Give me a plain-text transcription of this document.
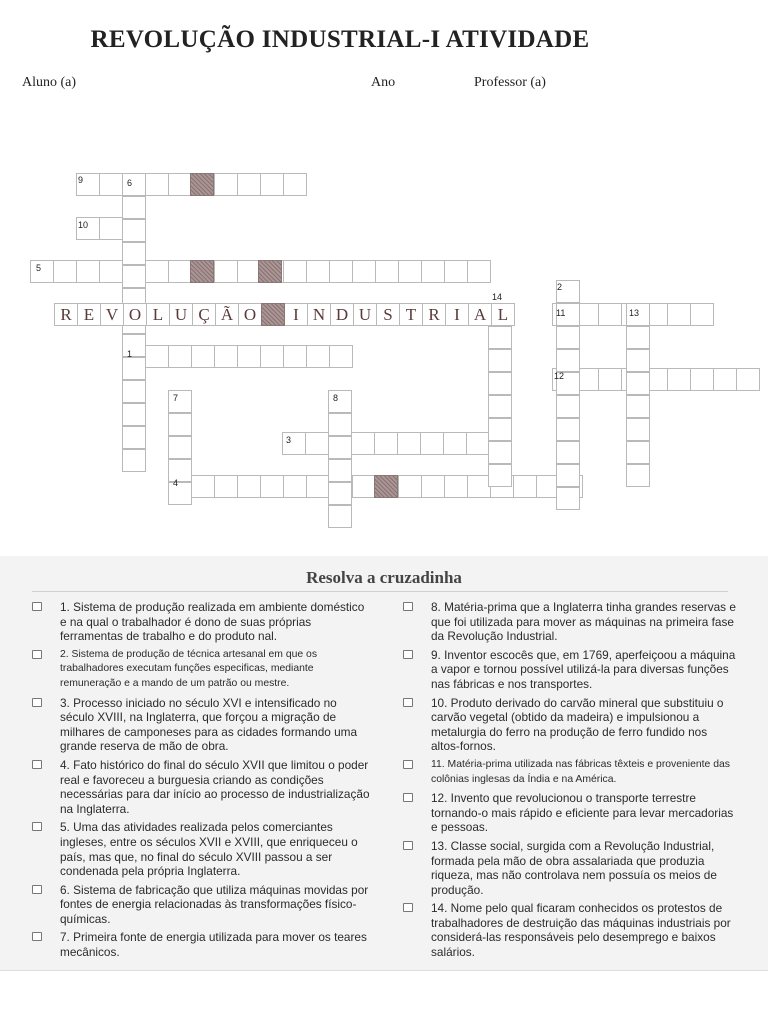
REVOLUÇÃO INDUSTRIAL-I ATIVIDADE
Aluno (a)	Ano	Professor (a)
R E V O L U Ç Ã O	I N D U S T R I A L
1
2
3
4
5
6
7	8
9
10
11
12
13
14
Resolva a cruzadinha
1. Sistema de produção realizada em ambiente doméstico e na qual o trabalhador é dono de suas próprias ferramentas de trabalho e do produto nal.
2. Sistema de produção de técnica artesanal em que os trabalhadores executam funções especificas, mediante remuneração e a mando de um patrão ou mestre.
3. Processo iniciado no século XVI e intensificado no século XVIII, na Inglaterra, que forçou a migração de milhares de camponeses para as cidades formando uma grande reserva de mão de obra.
4. Fato histórico do final do século XVII que limitou o poder real e favoreceu a burguesia criando as condições necessárias para dar início ao processo de industrialização na Inglaterra.
5. Uma das atividades realizada pelos comerciantes ingleses, entre os séculos XVII e XVIII, que enriqueceu o país, mas que, no final do século XVIII passou a ser condenada pela própria Inglaterra.
6. Sistema de fabricação que utiliza máquinas movidas por fontes de energia relacionadas às transformações físico-químicas.
7. Primeira fonte de energia utilizada para mover os teares mecânicos.
8. Matéria-prima que a Inglaterra tinha grandes reservas e que foi utilizada para mover as máquinas na primeira fase da Revolução Industrial.
9. Inventor escocês que, em 1769, aperfeiçoou a máquina a vapor e tornou possível utilizá-la para diversas funções nas fábricas e nos transportes.
10. Produto derivado do carvão mineral que substituiu o carvão vegetal (obtido da madeira) e impulsionou a metalurgia do ferro na produção de ferro fundido nos altos-fornos.
11. Matéria-prima utilizada nas fábricas têxteis e proveniente das colônias inglesas da Índia e na América.
12. Invento que revolucionou o transporte terrestre tornando-o mais rápido e eficiente para levar mercadorias e pessoas.
13. Classe social, surgida com a Revolução Industrial, formada pela mão de obra assalariada que produzia riqueza, mas não controlava nem possuía os meios de produção.
14. Nome pelo qual ficaram conhecidos os protestos de trabalhadores de destruição das máquinas industriais por considerá-las responsáveis pelo desemprego e baixos salários.
